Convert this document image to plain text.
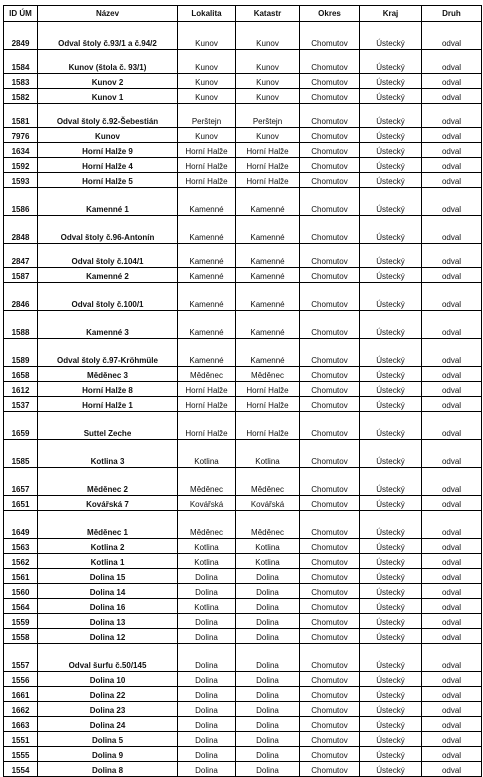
ID ÚM	Název	Lokalita	Katastr	Okres	Kraj	Druh
2849	Odval štoly č.93/1 a č.94/2	Kunov	Kunov	Chomutov	Ústecký	odval
1584	Kunov (štola č. 93/1)	Kunov	Kunov	Chomutov	Ústecký	odval
1583	Kunov 2	Kunov	Kunov	Chomutov	Ústecký	odval
1582	Kunov 1	Kunov	Kunov	Chomutov	Ústecký	odval
1581	Odval štoly č.92-Šebestián	Perštejn	Perštejn	Chomutov	Ústecký	odval
7976	Kunov	Kunov	Kunov	Chomutov	Ústecký	odval
1634	Horní Halže 9	Horní Halže	Horní Halže	Chomutov	Ústecký	odval
1592	Horní Halže 4	Horní Halže	Horní Halže	Chomutov	Ústecký	odval
1593	Horní Halže 5	Horní Halže	Horní Halže	Chomutov	Ústecký	odval
1586	Kamenné 1	Kamenné	Kamenné	Chomutov	Ústecký	odval
2848	Odval štoly č.96-Antonín	Kamenné	Kamenné	Chomutov	Ústecký	odval
2847	Odval štoly č.104/1	Kamenné	Kamenné	Chomutov	Ústecký	odval
1587	Kamenné 2	Kamenné	Kamenné	Chomutov	Ústecký	odval
2846	Odval štoly č.100/1	Kamenné	Kamenné	Chomutov	Ústecký	odval
1588	Kamenné 3	Kamenné	Kamenné	Chomutov	Ústecký	odval
1589	Odval štoly č.97-Kröhmüle	Kamenné	Kamenné	Chomutov	Ústecký	odval
1658	Měděnec 3	Měděnec	Měděnec	Chomutov	Ústecký	odval
1612	Horní Halže 8	Horní Halže	Horní Halže	Chomutov	Ústecký	odval
1537	Horní Halže 1	Horní Halže	Horní Halže	Chomutov	Ústecký	odval
1659	Suttel Zeche	Horní Halže	Horní Halže	Chomutov	Ústecký	odval
1585	Kotlina 3	Kotlina	Kotlina	Chomutov	Ústecký	odval
1657	Měděnec 2	Měděnec	Měděnec	Chomutov	Ústecký	odval
1651	Kovářská 7	Kovářská	Kovářská	Chomutov	Ústecký	odval
1649	Měděnec 1	Měděnec	Měděnec	Chomutov	Ústecký	odval
1563	Kotlina 2	Kotlina	Kotlina	Chomutov	Ústecký	odval
1562	Kotlina 1	Kotlina	Kotlina	Chomutov	Ústecký	odval
1561	Dolina 15	Dolina	Dolina	Chomutov	Ústecký	odval
1560	Dolina 14	Dolina	Dolina	Chomutov	Ústecký	odval
1564	Dolina 16	Kotlina	Dolina	Chomutov	Ústecký	odval
1559	Dolina 13	Dolina	Dolina	Chomutov	Ústecký	odval
1558	Dolina 12	Dolina	Dolina	Chomutov	Ústecký	odval
1557	Odval šurfu č.50/145	Dolina	Dolina	Chomutov	Ústecký	odval
1556	Dolina 10	Dolina	Dolina	Chomutov	Ústecký	odval
1661	Dolina 22	Dolina	Dolina	Chomutov	Ústecký	odval
1662	Dolina 23	Dolina	Dolina	Chomutov	Ústecký	odval
1663	Dolina 24	Dolina	Dolina	Chomutov	Ústecký	odval
1551	Dolina 5	Dolina	Dolina	Chomutov	Ústecký	odval
1555	Dolina 9	Dolina	Dolina	Chomutov	Ústecký	odval
1554	Dolina 8	Dolina	Dolina	Chomutov	Ústecký	odval
